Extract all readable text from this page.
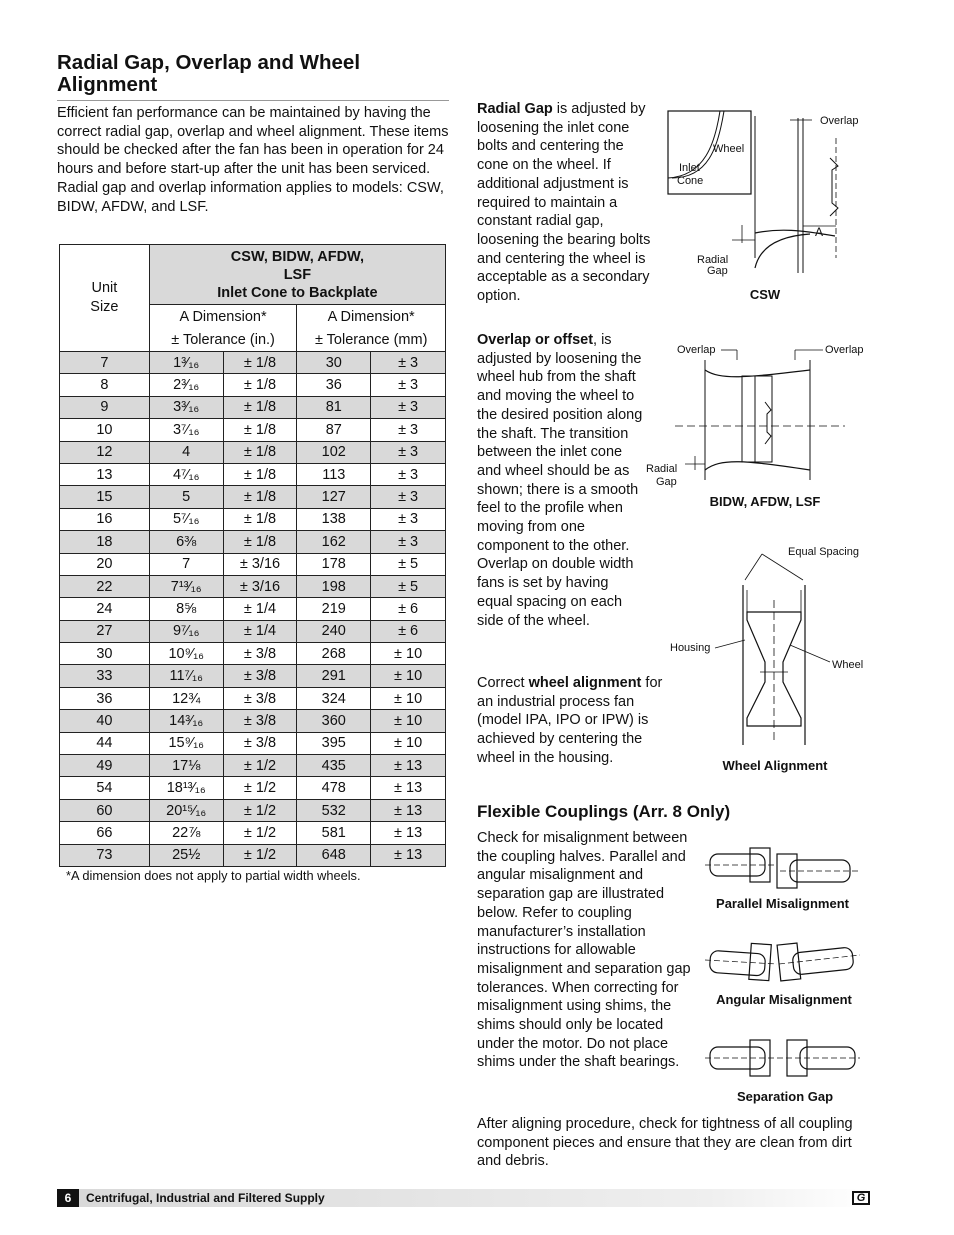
Radial Gap, Overlap and Wheel Alignment

Efficient fan performance can be maintained by having the correct radial gap, overlap and wheel alignment. These items should be checked after the fan has been in operation for 24 hours and before start-up after the unit has been serviced. Radial gap and overlap information applies to models: CSW, BIDW, AFDW, and LSF.

Unit Size	CSW, BIDW, AFDW,
LSF
Inlet Cone to Backplate			

	A Dimension*		A Dimension*	
	± Tolerance (in.)		± Tolerance (mm)	
7	1³⁄₁₆	± 1/8	30	± 3
8	2³⁄₁₆	± 1/8	36	± 3
9	3³⁄₁₆	± 1/8	81	± 3
10	3⁷⁄₁₆	± 1/8	87	± 3
12	4	± 1/8	102	± 3
13	4⁷⁄₁₆	± 1/8	113	± 3
15	5	± 1/8	127	± 3
16	5⁷⁄₁₆	± 1/8	138	± 3
18	6⅜	± 1/8	162	± 3
20	7	± 3/16	178	± 5
22	7¹³⁄₁₆	± 3/16	198	± 5
24	8⅝	± 1/4	219	± 6
27	9⁷⁄₁₆	± 1/4	240	± 6
30	10⁹⁄₁₆	± 3/8	268	± 10
33	11⁷⁄₁₆	± 3/8	291	± 10
36	12¾	± 3/8	324	± 10
40	14³⁄₁₆	± 3/8	360	± 10
44	15⁹⁄₁₆	± 3/8	395	± 10
49	17⅛	± 1/2	435	± 13
54	18¹³⁄₁₆	± 1/2	478	± 13
60	20¹⁵⁄₁₆	± 1/2	532	± 13
66	22⅞	± 1/2	581	± 13
73	25½	± 1/2	648	± 13
*A dimension does not apply to partial width wheels.

Radial Gap is adjusted by loosening the inlet cone bolts and centering the cone on the wheel. If additional adjustment is required to maintain a constant radial gap, loosening the bearing bolts and centering the wheel is acceptable as a secondary option.

Overlap or offset, is adjusted by loosening the wheel hub from the shaft and moving the wheel to the desired position along the shaft. The transition between the inlet cone and wheel should be as shown; there is a smooth feel to the profile when moving from one component to the other. Overlap on double width fans is set by having equal spacing on each side of the wheel.

Correct wheel alignment for an industrial process fan (model IPA, IPO or IPW) is achieved by centering the wheel in the housing.

Flexible Couplings (Arr. 8 Only)

Check for misalignment between the coupling halves. Parallel and angular misalignment and separation gap are illustrated below. Refer to coupling manufacturer’s installation instructions for allowable misalignment and separation gap tolerances. When correcting for misalignment using shims, the shims should only be located under the motor. Do not place shims under the shaft bearings.

After aligning procedure, check for tightness of all coupling component pieces and ensure that they are clean from dirt and debris.

Wheel
Inlet
Cone
Overlap
A
Radial
Gap
CSW
Overlap	Overlap
Radial
Gap
BIDW, AFDW, LSF
Equal Spacing
Housing
Wheel
Wheel Alignment
Parallel Misalignment
Angular Misalignment
Separation Gap
6	Centrifugal, Industrial and Filtered Supply	G
